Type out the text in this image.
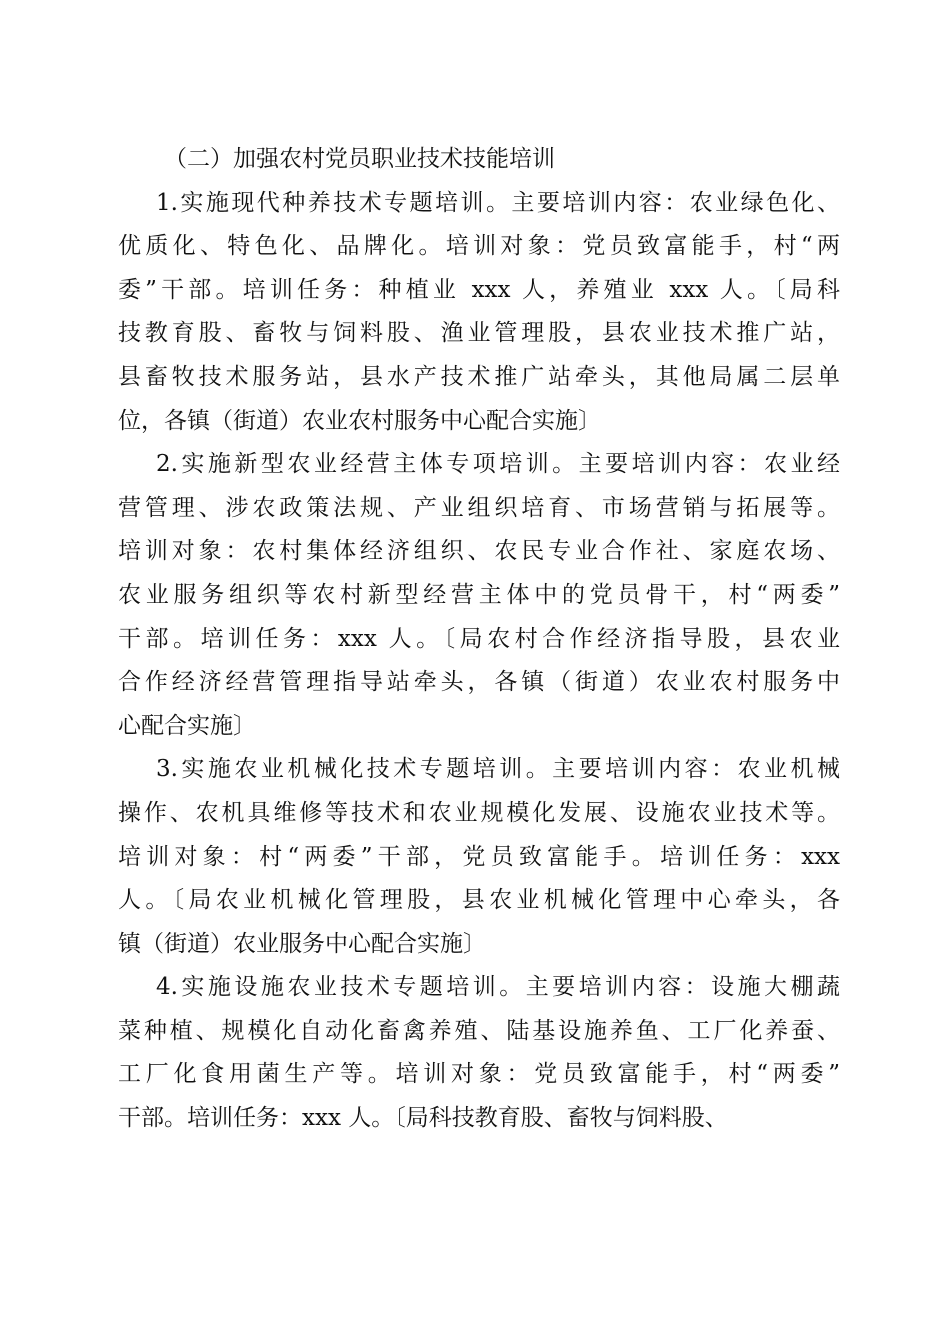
（二）加强农村党员职业技术技能培训
1.实施现代种养技术专题培训。主要培训内容：农业绿色化、
优质化、特色化、品牌化。培训对象：党员致富能手，村“两
委”干部。培训任务：种植业 xxx 人，养殖业 xxx 人。〔局科
技教育股、畜牧与饲料股、渔业管理股，县农业技术推广站，
县畜牧技术服务站，县水产技术推广站牵头，其他局属二层单
位，各镇（街道）农业农村服务中心配合实施〕
2.实施新型农业经营主体专项培训。主要培训内容：农业经
营管理、涉农政策法规、产业组织培育、市场营销与拓展等。
培训对象：农村集体经济组织、农民专业合作社、家庭农场、
农业服务组织等农村新型经营主体中的党员骨干，村“两委”
干部。培训任务：xxx 人。〔局农村合作经济指导股，县农业
合作经济经营管理指导站牵头，各镇（街道）农业农村服务中
心配合实施〕
3.实施农业机械化技术专题培训。主要培训内容：农业机械
操作、农机具维修等技术和农业规模化发展、设施农业技术等。
培训对象：村“两委”干部，党员致富能手。培训任务：xxx
人。〔局农业机械化管理股，县农业机械化管理中心牵头，各
镇（街道）农业服务中心配合实施〕
4.实施设施农业技术专题培训。主要培训内容：设施大棚蔬
菜种植、规模化自动化畜禽养殖、陆基设施养鱼、工厂化养蚕、
工厂化食用菌生产等。培训对象：党员致富能手，村“两委”
干部。培训任务：xxx 人。〔局科技教育股、畜牧与饲料股、
